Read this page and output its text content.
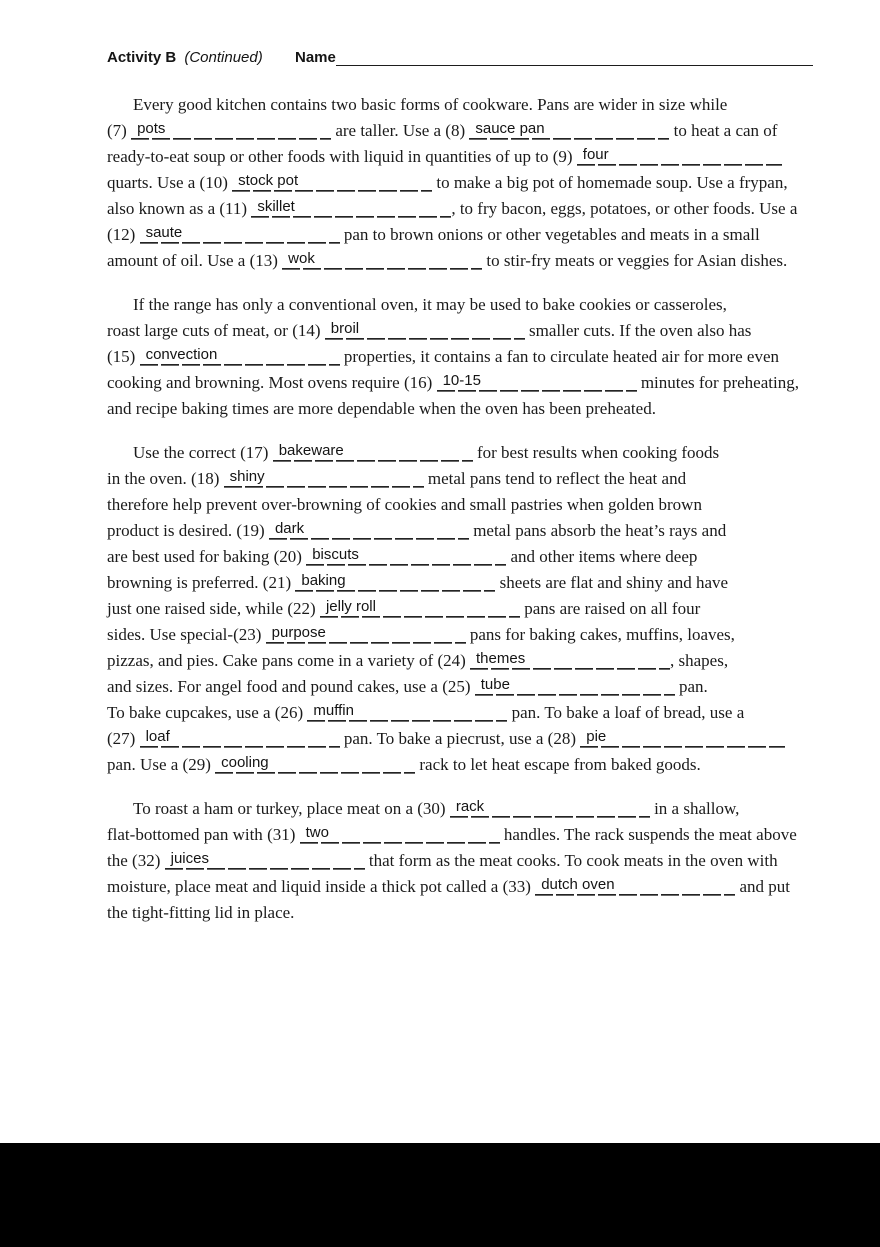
Activity B (Continued) Name
Every good kitchen contains two basic forms of cookware. Pans are wider in size while
(7) pots	are taller. Use a (8) sauce pan	to heat a can of
ready-to-eat soup or other foods with liquid in quantities of up to (9) four
quarts. Use a (10) stock pot	to make a big pot of homemade soup. Use a frypan,
also known as a (11) skillet	, to fry bacon, eggs, potatoes, or other foods. Use a
(12) saute	pan to brown onions or other vegetables and meats in a small
amount of oil. Use a (13) wok	to stir-fry meats or veggies for Asian dishes.
If the range has only a conventional oven, it may be used to bake cookies or casseroles,
roast large cuts of meat, or (14) broil	smaller cuts. If the oven also has
(15) convection	properties, it contains a fan to circulate heated air for more even
cooking and browning. Most ovens require (16) 10-15	minutes for preheating,
and recipe baking times are more dependable when the oven has been preheated.
Use the correct (17) bakeware	for best results when cooking foods
in the oven. (18) shiny	metal pans tend to reflect the heat and
therefore help prevent over-browning of cookies and small pastries when golden brown
product is desired. (19) dark	metal pans absorb the heat’s rays and
are best used for baking (20) biscuts	and other items where deep
browning is preferred. (21) baking	sheets are flat and shiny and have
just one raised side, while (22) jelly roll	pans are raised on all four
sides. Use special-(23) purpose	pans for baking cakes, muffins, loaves,
pizzas, and pies. Cake pans come in a variety of (24) themes	, shapes,
and sizes. For angel food and pound cakes, use a (25) tube	pan.
To bake cupcakes, use a (26) muffin	pan. To bake a loaf of bread, use a
(27) loaf	pan. To bake a piecrust, use a (28) pie
pan. Use a (29) cooling	rack to let heat escape from baked goods.
To roast a ham or turkey, place meat on a (30) rack	in a shallow,
flat-bottomed pan with (31) two	handles. The rack suspends the meat above
the (32) juices	that form as the meat cooks. To cook meats in the oven with
moisture, place meat and liquid inside a thick pot called a (33) dutch oven	and put
the tight-fitting lid in place.
